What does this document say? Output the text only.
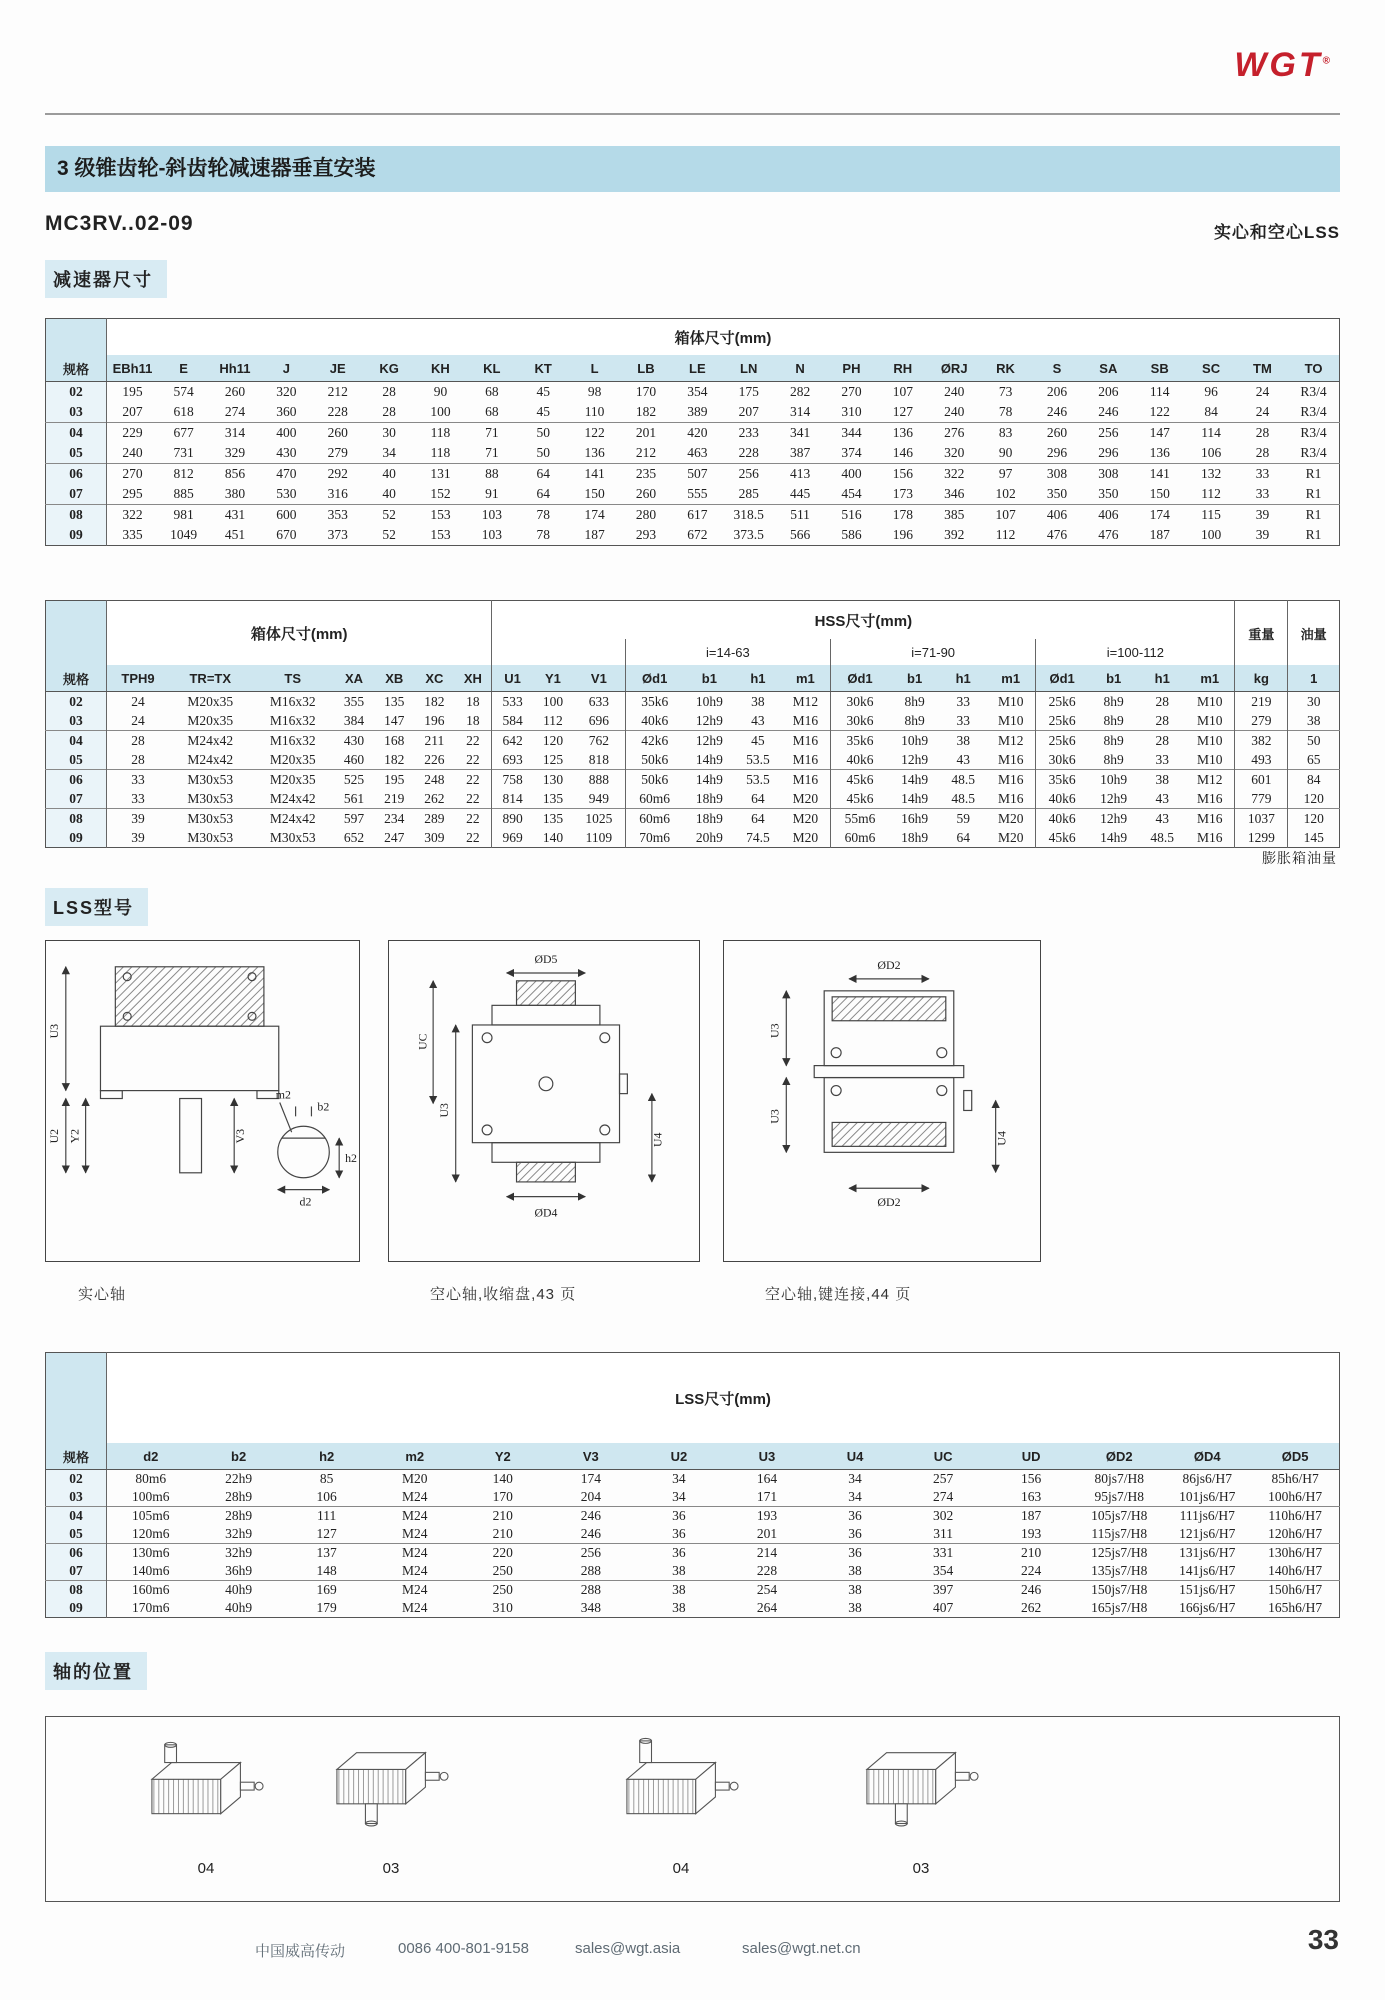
WGT®
3 级锥齿轮-斜齿轮减速器垂直安装
MC3RV..02-09	实心和空心LSS
减速器尺寸
	箱体尺寸(mm)																							
规格	EBh11	E	Hh11	J	JE	KG	KH	KL	KT	L	LB	LE	LN	N	PH	RH	ØRJ	RK	S	SA	SB	SC	TM	TO
02	195	574	260	320	212	28	90	68	45	98	170	354	175	282	270	107	240	73	206	206	114	96	24	R3/4
03	207	618	274	360	228	28	100	68	45	110	182	389	207	314	310	127	240	78	246	246	122	84	24	R3/4
04	229	677	314	400	260	30	118	71	50	122	201	420	233	341	344	136	276	83	260	256	147	114	28	R3/4
05	240	731	329	430	279	34	118	71	50	136	212	463	228	387	374	146	320	90	296	296	136	106	28	R3/4
06	270	812	856	470	292	40	131	88	64	141	235	507	256	413	400	156	322	97	308	308	141	132	33	R1
07	295	885	380	530	316	40	152	91	64	150	260	555	285	445	454	173	346	102	350	350	150	112	33	R1
08	322	981	431	600	353	52	153	103	78	174	280	617	318.5	511	516	178	385	107	406	406	174	115	39	R1
09	335	1049	451	670	373	52	153	103	78	187	293	672	373.5	566	586	196	392	112	476	476	187	100	39	R1
	箱体尺寸(mm)							HSS尺寸(mm)															重量	油量
											i=14-63				i=71-90				i=100-112					
规格	TPH9	TR=TX	TS	XA	XB	XC	XH	U1	Y1	V1	Ød1	b1	h1	m1	Ød1	b1	h1	m1	Ød1	b1	h1	m1	kg	1
02	24	M20x35	M16x32	355	135	182	18	533	100	633	35k6	10h9	38	M12	30k6	8h9	33	M10	25k6	8h9	28	M10	219	30
03	24	M20x35	M16x32	384	147	196	18	584	112	696	40k6	12h9	43	M16	30k6	8h9	33	M10	25k6	8h9	28	M10	279	38
04	28	M24x42	M16x32	430	168	211	22	642	120	762	42k6	12h9	45	M16	35k6	10h9	38	M12	25k6	8h9	28	M10	382	50
05	28	M24x42	M20x35	460	182	226	22	693	125	818	50k6	14h9	53.5	M16	40k6	12h9	43	M16	30k6	8h9	33	M10	493	65
06	33	M30x53	M20x35	525	195	248	22	758	130	888	50k6	14h9	53.5	M16	45k6	14h9	48.5	M16	35k6	10h9	38	M12	601	84
07	33	M30x53	M24x42	561	219	262	22	814	135	949	60m6	18h9	64	M20	45k6	14h9	48.5	M16	40k6	12h9	43	M16	779	120
08	39	M30x53	M24x42	597	234	289	22	890	135	1025	60m6	18h9	64	M20	55m6	16h9	59	M20	40k6	12h9	43	M16	1037	120
09	39	M30x53	M30x53	652	247	309	22	969	140	1109	70m6	20h9	74.5	M20	60m6	18h9	64	M20	45k6	14h9	48.5	M16	1299	145
膨胀箱油量
LSS型号
U3
U2 Y2	V3
m2
b2
h2
d2
ØD5
UC
U3
U4
ØD4
ØD2
U3
U3
U4
ØD2
实心轴	空心轴,收缩盘,43 页	空心轴,键连接,44 页
	LSS尺寸(mm)													
规格	d2	b2	h2	m2	Y2	V3	U2	U3	U4	UC	UD	ØD2	ØD4	ØD5
02	80m6	22h9	85	M20	140	174	34	164	34	257	156	80js7/H8	86js6/H7	85h6/H7
03	100m6	28h9	106	M24	170	204	34	171	34	274	163	95js7/H8	101js6/H7	100h6/H7
04	105m6	28h9	111	M24	210	246	36	193	36	302	187	105js7/H8	111js6/H7	110h6/H7
05	120m6	32h9	127	M24	210	246	36	201	36	311	193	115js7/H8	121js6/H7	120h6/H7
06	130m6	32h9	137	M24	220	256	36	214	36	331	210	125js7/H8	131js6/H7	130h6/H7
07	140m6	36h9	148	M24	250	288	38	228	38	354	224	135js7/H8	141js6/H7	140h6/H7
08	160m6	40h9	169	M24	250	288	38	254	38	397	246	150js7/H8	151js6/H7	150h6/H7
09	170m6	40h9	179	M24	310	348	38	264	38	407	262	165js7/H8	166js6/H7	165h6/H7
轴的位置
04	03	04	03
中国威高传动	0086 400-801-9158	sales@wgt.asia	sales@wgt.net.cn	33
